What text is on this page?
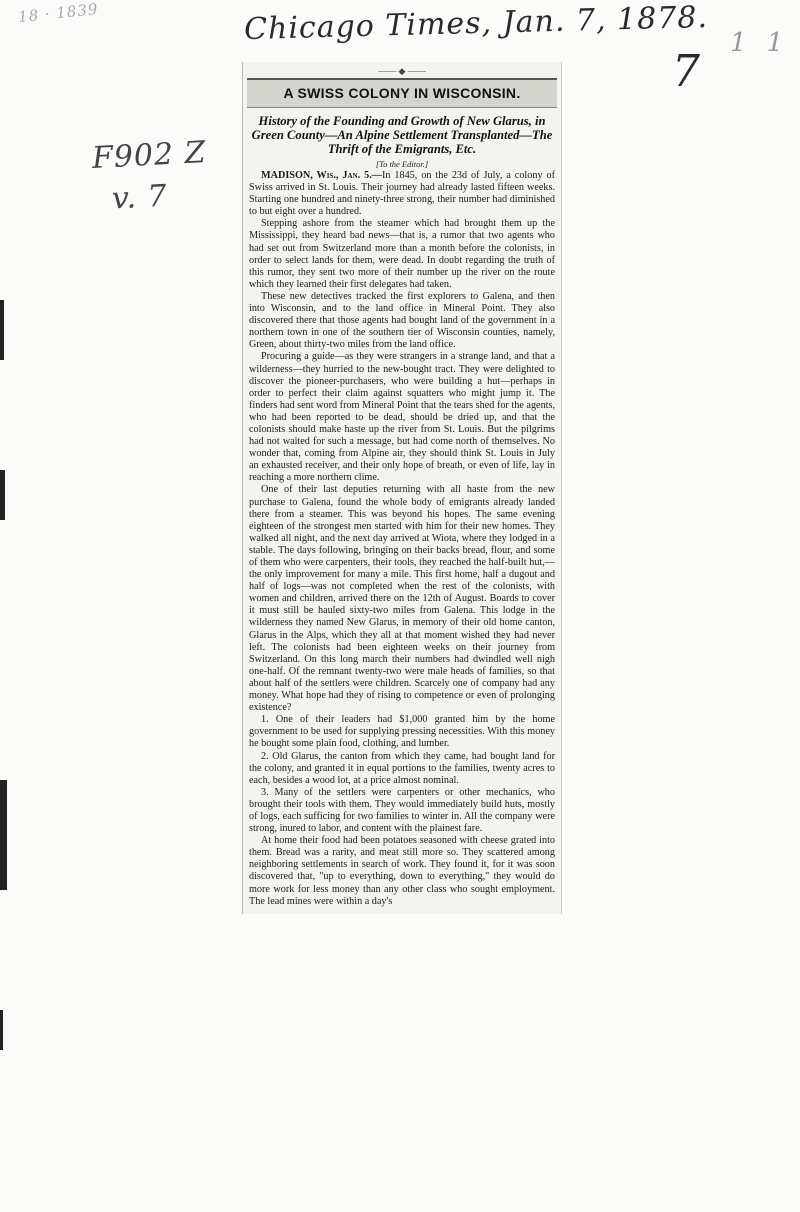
18 · 1839	Chicago Times, Jan. 7, 1878. 1 1
7
F902 Z
v. 7
—— ◆ ——
A SWISS COLONY IN WISCONSIN.
History of the Founding and Growth of New Glarus, in Green County—An Alpine Settlement Transplanted—The Thrift of the Emigrants, Etc.
[To the Editor.]

MADISON, Wis., Jan. 5.—In 1845, on the 23d of July, a colony of Swiss arrived in St. Louis. Their journey had already lasted fifteen weeks. Starting one hundred and ninety-three strong, their number had diminished to but eight over a hundred.

Stepping ashore from the steamer which had brought them up the Mississippi, they heard bad news—that is, a rumor that two agents who had set out from Switzerland more than a month before the colonists, in order to select lands for them, were dead. In doubt regarding the truth of this rumor, they sent two more of their number up the river on the route which they learned their first delegates had taken.

These new detectives tracked the first explorers to Galena, and then into Wisconsin, and to the land office in Mineral Point. They also discovered there that those agents had bought land of the government in a northern town in one of the southern tier of Wisconsin counties, namely, Green, about thirty-two miles from the land office.

Procuring a guide—as they were strangers in a strange land, and that a wilderness—they hurried to the new-bought tract. They were delighted to discover the pioneer-purchasers, who were building a hut—perhaps in order to perfect their claim against squatters who might jump it. The finders had sent word from Mineral Point that the tears shed for the agents, who had been reported to be dead, should be dried up, and that the colonists should make haste up the river from St. Louis. But the pilgrims had not waited for such a message, but had come north of themselves. No wonder that, coming from Alpine air, they should think St. Louis in July an exhausted receiver, and their only hope of breath, or even of life, lay in reaching a more northern clime.

One of their last deputies returning with all haste from the new purchase to Galena, found the whole body of emigrants already landed there from a steamer. This was beyond his hopes. The same evening eighteen of the strongest men started with him for their new homes. They walked all night, and the next day arrived at Wiota, where they lodged in a stable. The days following, bringing on their backs bread, flour, and some of them who were carpenters, their tools, they reached the half-built hut,—the only improvement for many a mile. This first home, half a dugout and half of logs—was not completed when the rest of the colonists, with women and children, arrived there on the 12th of August. Boards to cover it must still be hauled sixty-two miles from Galena. This lodge in the wilderness they named New Glarus, in memory of their old home canton, Glarus in the Alps, which they all at that moment wished they had never left. The colonists had been eighteen weeks on their journey from Switzerland. On this long march their numbers had dwindled well nigh one-half. Of the remnant twenty-two were male heads of families, so that about half of the settlers were children. Scarcely one of company had any money. What hope had they of rising to competence or even of prolonging existence?

1. One of their leaders had $1,000 granted him by the home government to be used for supplying pressing necessities. With this money he bought some plain food, clothing, and lumber.

2. Old Glarus, the canton from which they came, had bought land for the colony, and granted it in equal portions to the families, twenty acres to each, besides a wood lot, at a price almost nominal.

3. Many of the settlers were carpenters or other mechanics, who brought their tools with them. They would immediately build huts, mostly of logs, each sufficing for two families to winter in. All the company were strong, inured to labor, and content with the plainest fare.

At home their food had been potatoes seasoned with cheese grated into them. Bread was a rarity, and meat still more so. They scattered among neighboring settlements in search of work. They found it, for it was soon discovered that, "up to everything, down to everything," they would do more work for less money than any other class who sought employment. The lead mines were within a day's
